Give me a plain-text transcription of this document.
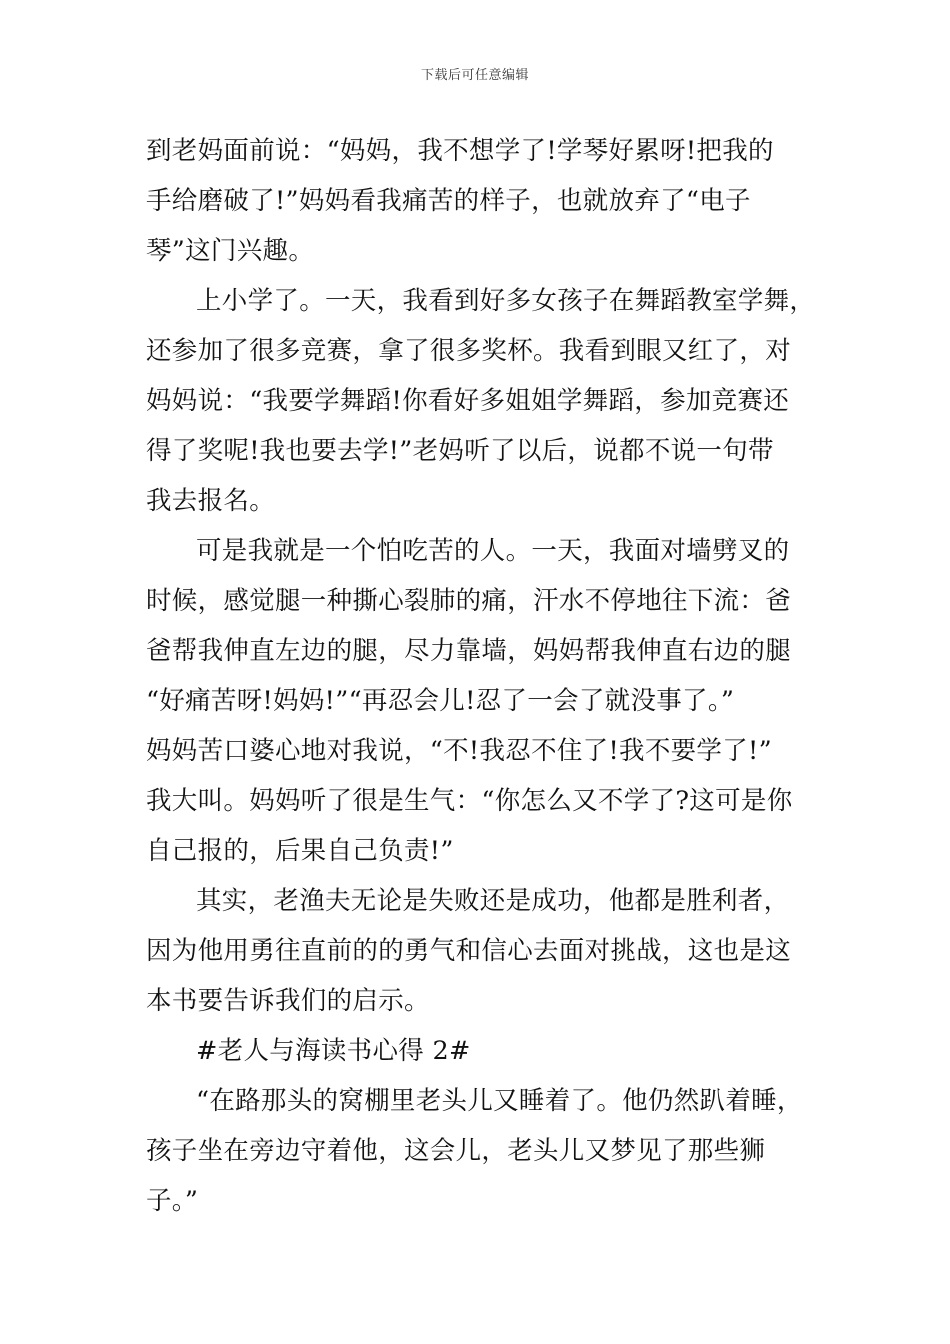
下载后可任意编辑
到老妈面前说：“妈妈，我不想学了!学琴好累呀!把我的
手给磨破了!”妈妈看我痛苦的样子，也就放弃了“电子
琴”这门兴趣。
上小学了。一天，我看到好多女孩子在舞蹈教室学舞，
还参加了很多竞赛，拿了很多奖杯。我看到眼又红了，对
妈妈说：“我要学舞蹈!你看好多姐姐学舞蹈，参加竞赛还
得了奖呢!我也要去学!”老妈听了以后，说都不说一句带
我去报名。
可是我就是一个怕吃苦的人。一天，我面对墙劈叉的
时候，感觉腿一种撕心裂肺的痛，汗水不停地往下流：爸
爸帮我伸直左边的腿，尽力靠墙，妈妈帮我伸直右边的腿
“好痛苦呀!妈妈!”“再忍会儿!忍了一会了就没事了。”
妈妈苦口婆心地对我说，“不!我忍不住了!我不要学了!”
我大叫。妈妈听了很是生气：“你怎么又不学了?这可是你
自己报的，后果自己负责!”
其实，老渔夫无论是失败还是成功，他都是胜利者，
因为他用勇往直前的的勇气和信心去面对挑战，这也是这
本书要告诉我们的启示。
#老人与海读书心得 2#
“在路那头的窝棚里老头儿又睡着了。他仍然趴着睡，
孩子坐在旁边守着他，这会儿，老头儿又梦见了那些狮
子。”
